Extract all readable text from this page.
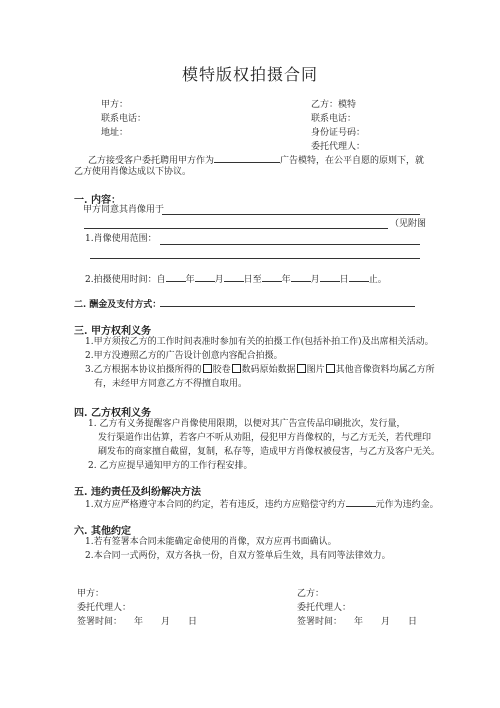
模特版权拍摄合同
甲方：
联系电话：
地址：
乙方：模特
联系电话：
身份证号码：
委托代理人：
乙方接受客户委托聘用甲方作为	广告模特，在公平自愿的原则下，就
乙方使用肖像达成以下协议。
一. 内容：
甲方同意其肖像用于
（见附图
1.肖像使用范围：
2.拍摄使用时间：自 年 月 日至 年 月 日 止。
二. 酬金及支付方式：
三. 甲方权利义务
1.甲方须按乙方的工作时间表准时参加有关的拍摄工作(包括补拍工作)及出席相关活动。
2.甲方没遵照乙方的广告设计创意内容配合拍摄。
3.乙方根据本协议拍摄所得的 胶卷 数码原始数据 图片 其他音像资料均属乙方所
有，未经甲方同意乙方不得擅自取用。
四. 乙方权利义务
1. 乙方有义务提醒客户肖像使用限期，以便对其广告宣传品印刷批次，发行量，
发行渠道作出估算，若客户不听从劝阻，侵犯甲方肖像权的，与乙方无关，若代理印
刷发布的商家擅自截留，复制，私存等，造成甲方肖像权被侵害，与乙方及客户无关。
2. 乙方应提早通知甲方的工作行程安排。
五. 违约责任及纠纷解决方法
1.双方应严格遵守本合同的约定，若有违反，违约方应赔偿守约方	元作为违约金。
六. 其他约定
1.若有签署本合同未能确定命使用的肖像，双方应再书面确认。
2.本合同一式两份，双方各执一份，自双方签单后生效，具有同等法律效力。
甲方：
委托代理人：
签署时间： 年 月 日
乙方：
委托代理人：
签署时间： 年 月 日
